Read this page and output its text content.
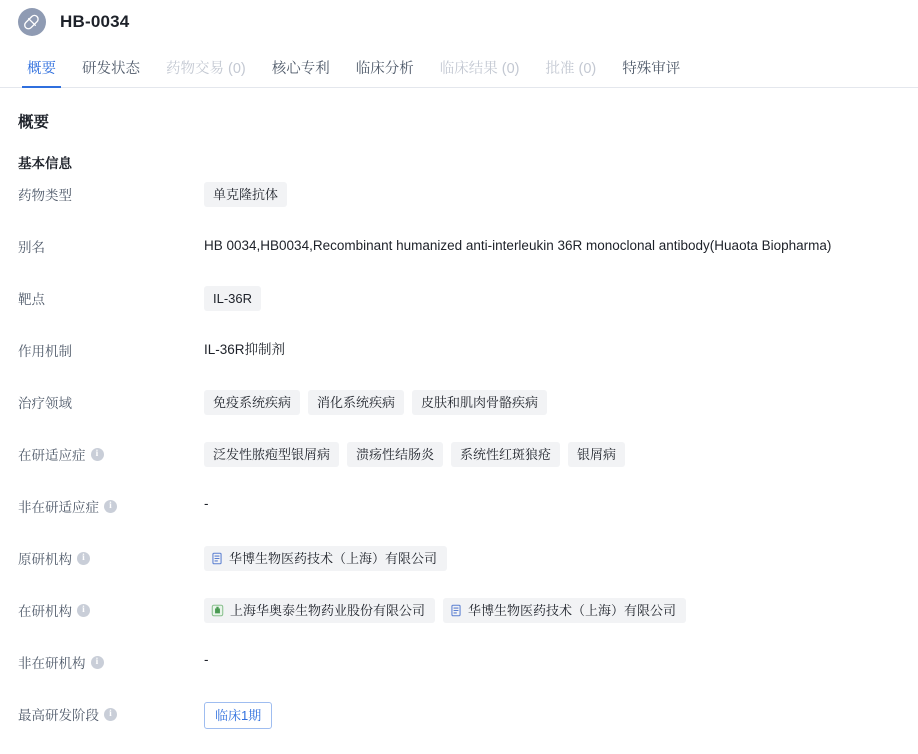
HB-0034
概要	研发状态	药物交易 (0)	核心专利	临床分析	临床结果 (0)	批准 (0)	特殊审评
概要
基本信息
药物类型	单克隆抗体
别名	HB 0034,HB0034,Recombinant humanized anti-interleukin 36R monoclonal antibody(Huaota Biopharma)
靶点	IL-36R
作用机制	IL-36R抑制剂
治疗领域	免疫系统疾病	消化系统疾病	皮肤和肌肉骨骼疾病
在研适应症	i	泛发性脓疱型银屑病	溃疡性结肠炎	系统性红斑狼疮	银屑病
非在研适应症	i	-
原研机构	i	华博生物医药技术（上海）有限公司
在研机构	i	上海华奥泰生物药业股份有限公司	华博生物医药技术（上海）有限公司
非在研机构	i	-
最高研发阶段	i	临床1期
